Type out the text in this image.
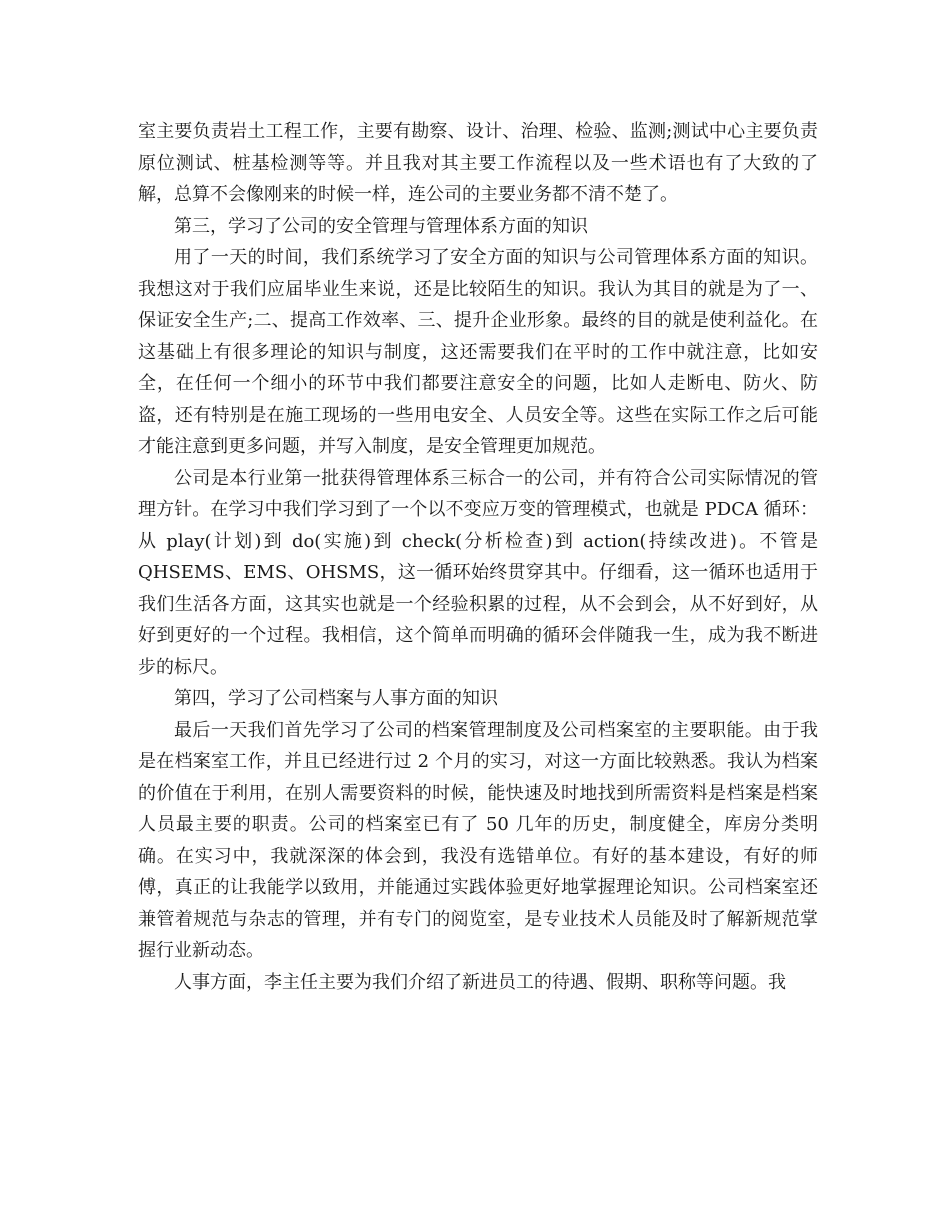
室主要负责岩土工程工作，主要有勘察、设计、治理、检验、监测;测试中心主要负责原位测试、桩基检测等等。并且我对其主要工作流程以及一些术语也有了大致的了解，总算不会像刚来的时候一样，连公司的主要业务都不清不楚了。

第三，学习了公司的安全管理与管理体系方面的知识

用了一天的时间，我们系统学习了安全方面的知识与公司管理体系方面的知识。我想这对于我们应届毕业生来说，还是比较陌生的知识。我认为其目的就是为了一、保证安全生产;二、提高工作效率、三、提升企业形象。最终的目的就是使利益化。在这基础上有很多理论的知识与制度，这还需要我们在平时的工作中就注意，比如安全，在任何一个细小的环节中我们都要注意安全的问题，比如人走断电、防火、防盗，还有特别是在施工现场的一些用电安全、人员安全等。这些在实际工作之后可能才能注意到更多问题，并写入制度，是安全管理更加规范。

公司是本行业第一批获得管理体系三标合一的公司，并有符合公司实际情况的管理方针。在学习中我们学习到了一个以不变应万变的管理模式，也就是 PDCA 循环：从 play(计划)到 do(实施)到 check(分析检查)到 action(持续改进)。不管是 QHSEMS、EMS、OHSMS，这一循环始终贯穿其中。仔细看，这一循环也适用于我们生活各方面，这其实也就是一个经验积累的过程，从不会到会，从不好到好，从好到更好的一个过程。我相信，这个简单而明确的循环会伴随我一生，成为我不断进步的标尺。

第四，学习了公司档案与人事方面的知识

最后一天我们首先学习了公司的档案管理制度及公司档案室的主要职能。由于我是在档案室工作，并且已经进行过 2 个月的实习，对这一方面比较熟悉。我认为档案的价值在于利用，在别人需要资料的时候，能快速及时地找到所需资料是档案是档案人员最主要的职责。公司的档案室已有了 50 几年的历史，制度健全，库房分类明确。在实习中，我就深深的体会到，我没有选错单位。有好的基本建设，有好的师傅，真正的让我能学以致用，并能通过实践体验更好地掌握理论知识。公司档案室还兼管着规范与杂志的管理，并有专门的阅览室，是专业技术人员能及时了解新规范掌握行业新动态。

人事方面，李主任主要为我们介绍了新进员工的待遇、假期、职称等问题。我
